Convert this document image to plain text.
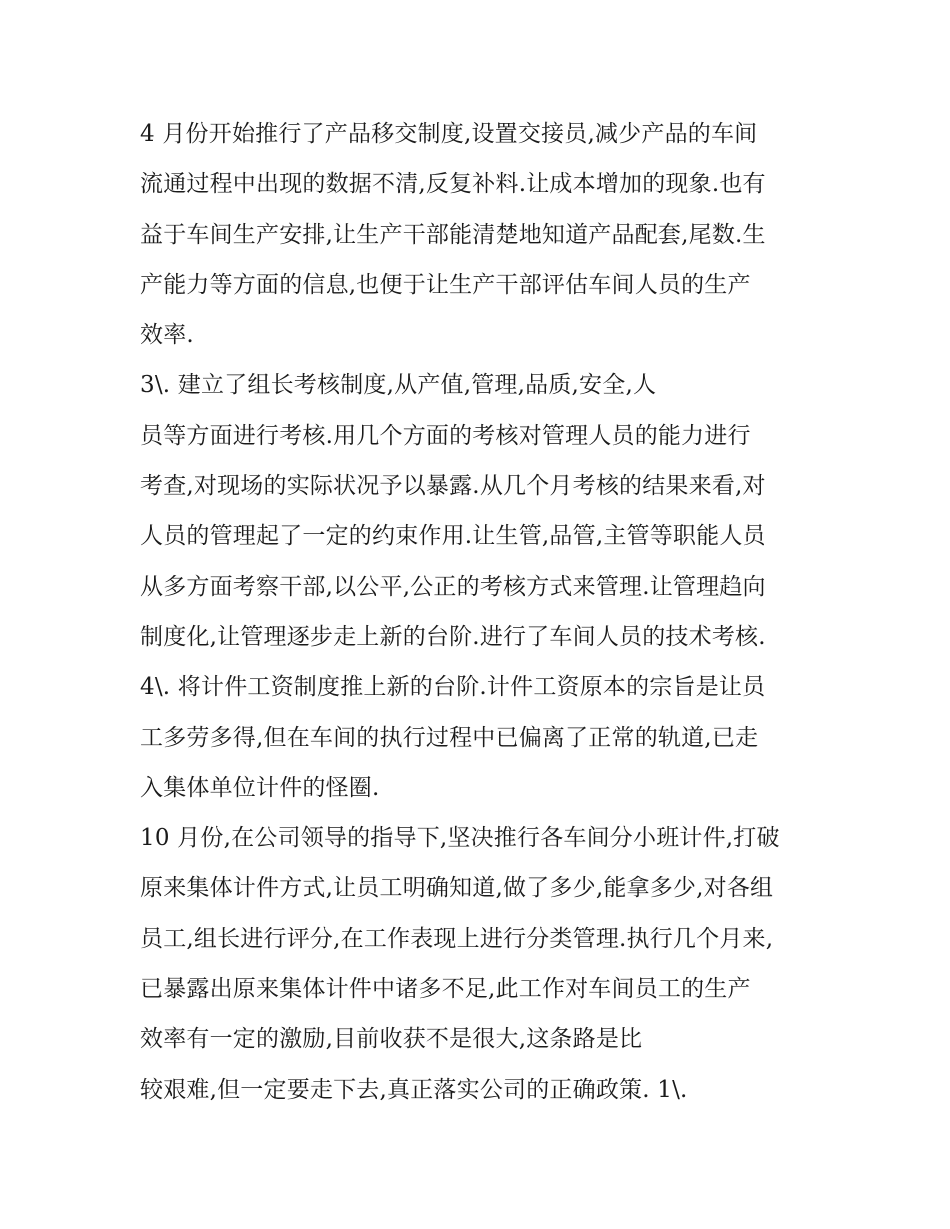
4 月份开始推行了产品移交制度,设置交接员,减少产品的车间
流通过程中出现的数据不清,反复补料.让成本增加的现象.也有
益于车间生产安排,让生产干部能清楚地知道产品配套,尾数.生
产能力等方面的信息,也便于让生产干部评估车间人员的生产
效率.
3\. 建立了组长考核制度,从产值,管理,品质,安全,人
员等方面进行考核.用几个方面的考核对管理人员的能力进行
考查,对现场的实际状况予以暴露.从几个月考核的结果来看,对
人员的管理起了一定的约束作用.让生管,品管,主管等职能人员
从多方面考察干部,以公平,公正的考核方式来管理.让管理趋向
制度化,让管理逐步走上新的台阶.进行了车间人员的技术考核.
4\. 将计件工资制度推上新的台阶.计件工资原本的宗旨是让员
工多劳多得,但在车间的执行过程中已偏离了正常的轨道,已走
入集体单位计件的怪圈.
10 月份,在公司领导的指导下,坚决推行各车间分小班计件,打破
原来集体计件方式,让员工明确知道,做了多少,能拿多少,对各组
员工,组长进行评分,在工作表现上进行分类管理.执行几个月来,
已暴露出原来集体计件中诸多不足,此工作对车间员工的生产
效率有一定的激励,目前收获不是很大,这条路是比
较艰难,但一定要走下去,真正落实公司的正确政策. 1\.
